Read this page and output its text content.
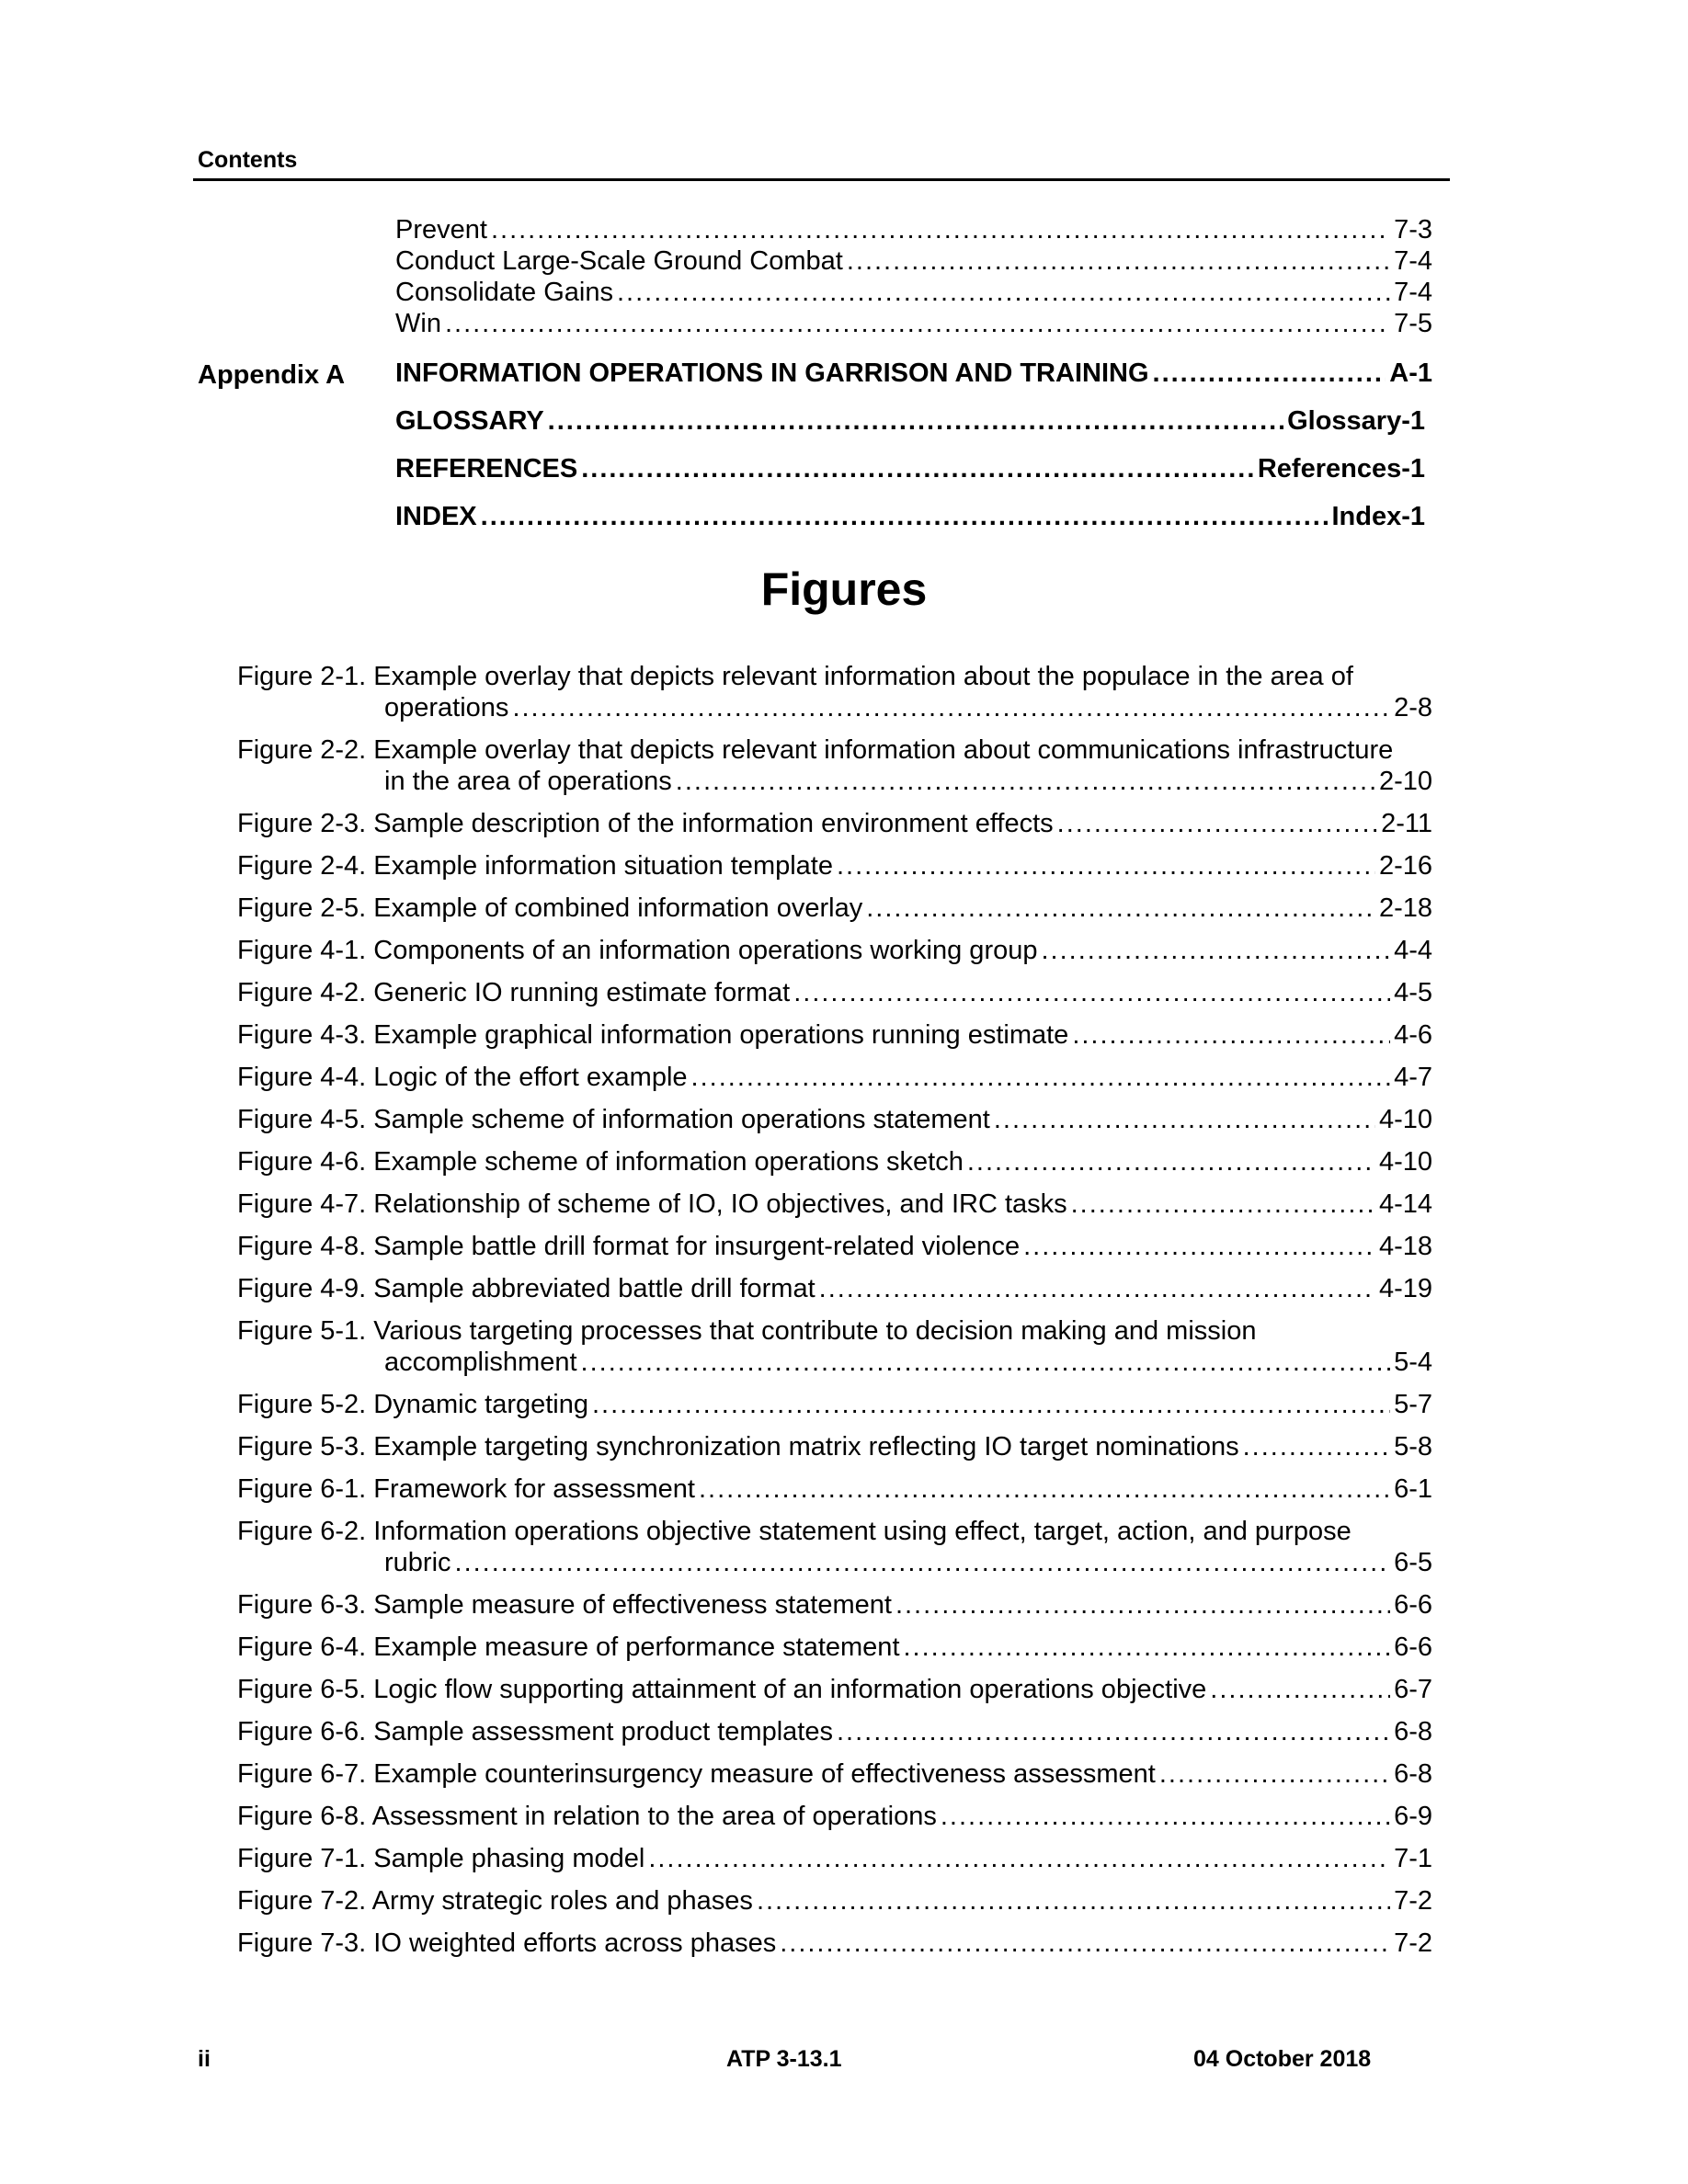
Contents
Prevent .....	7-3
Conduct Large-Scale Ground Combat .....	7-4
Consolidate Gains .....	7-4
Win .....	7-5
Appendix A INFORMATION OPERATIONS IN GARRISON AND TRAINING .....	A-1
GLOSSARY .....	Glossary-1
REFERENCES .....	References-1
INDEX .....	Index-1
Figures
Figure 2-1. Example overlay that depicts relevant information about the populace in the area of
operations .....	2-8
Figure 2-2. Example overlay that depicts relevant information about communications infrastructure
in the area of operations .....	2-10
Figure 2-3. Sample description of the information environment effects .....	2-11
Figure 2-4. Example information situation template .....	2-16
Figure 2-5. Example of combined information overlay .....	2-18
Figure 4-1. Components of an information operations working group .....	4-4
Figure 4-2. Generic IO running estimate format .....	4-5
Figure 4-3. Example graphical information operations running estimate .....	4-6
Figure 4-4. Logic of the effort example .....	4-7
Figure 4-5. Sample scheme of information operations statement .....	4-10
Figure 4-6. Example scheme of information operations sketch .....	4-10
Figure 4-7. Relationship of scheme of IO, IO objectives, and IRC tasks .....	4-14
Figure 4-8. Sample battle drill format for insurgent-related violence .....	4-18
Figure 4-9. Sample abbreviated battle drill format .....	4-19
Figure 5-1. Various targeting processes that contribute to decision making and mission
accomplishment .....	5-4
Figure 5-2. Dynamic targeting .....	5-7
Figure 5-3. Example targeting synchronization matrix reflecting IO target nominations .....	5-8
Figure 6-1. Framework for assessment .....	6-1
Figure 6-2. Information operations objective statement using effect, target, action, and purpose
rubric .....	6-5
Figure 6-3. Sample measure of effectiveness statement .....	6-6
Figure 6-4. Example measure of performance statement .....	6-6
Figure 6-5. Logic flow supporting attainment of an information operations objective .....	6-7
Figure 6-6. Sample assessment product templates .....	6-8
Figure 6-7. Example counterinsurgency measure of effectiveness assessment .....	6-8
Figure 6-8. Assessment in relation to the area of operations .....	6-9
Figure 7-1. Sample phasing model .....	7-1
Figure 7-2. Army strategic roles and phases .....	7-2
Figure 7-3. IO weighted efforts across phases .....	7-2
ii	ATP 3-13.1	04 October 2018
